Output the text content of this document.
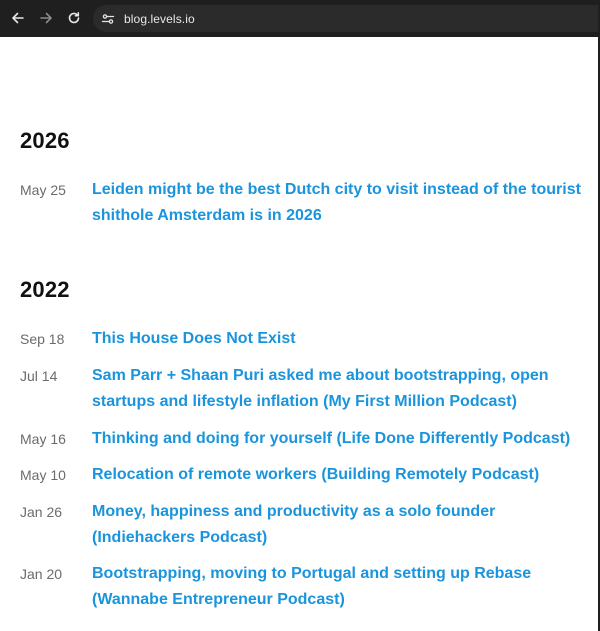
blog.levels.io
2026
May 25 Leiden might be the best Dutch city to visit instead of the tourist shithole Amsterdam is in 2026
2022
Sep 18 This House Does Not Exist
Jul 14 Sam Parr + Shaan Puri asked me about bootstrapping, open startups and lifestyle inflation (My First Million Podcast)
May 16 Thinking and doing for yourself (Life Done Differently Podcast)
May 10 Relocation of remote workers (Building Remotely Podcast)
Jan 26 Money, happiness and productivity as a solo founder (Indiehackers Podcast)
Jan 20 Bootstrapping, moving to Portugal and setting up Rebase (Wannabe Entrepreneur Podcast)
